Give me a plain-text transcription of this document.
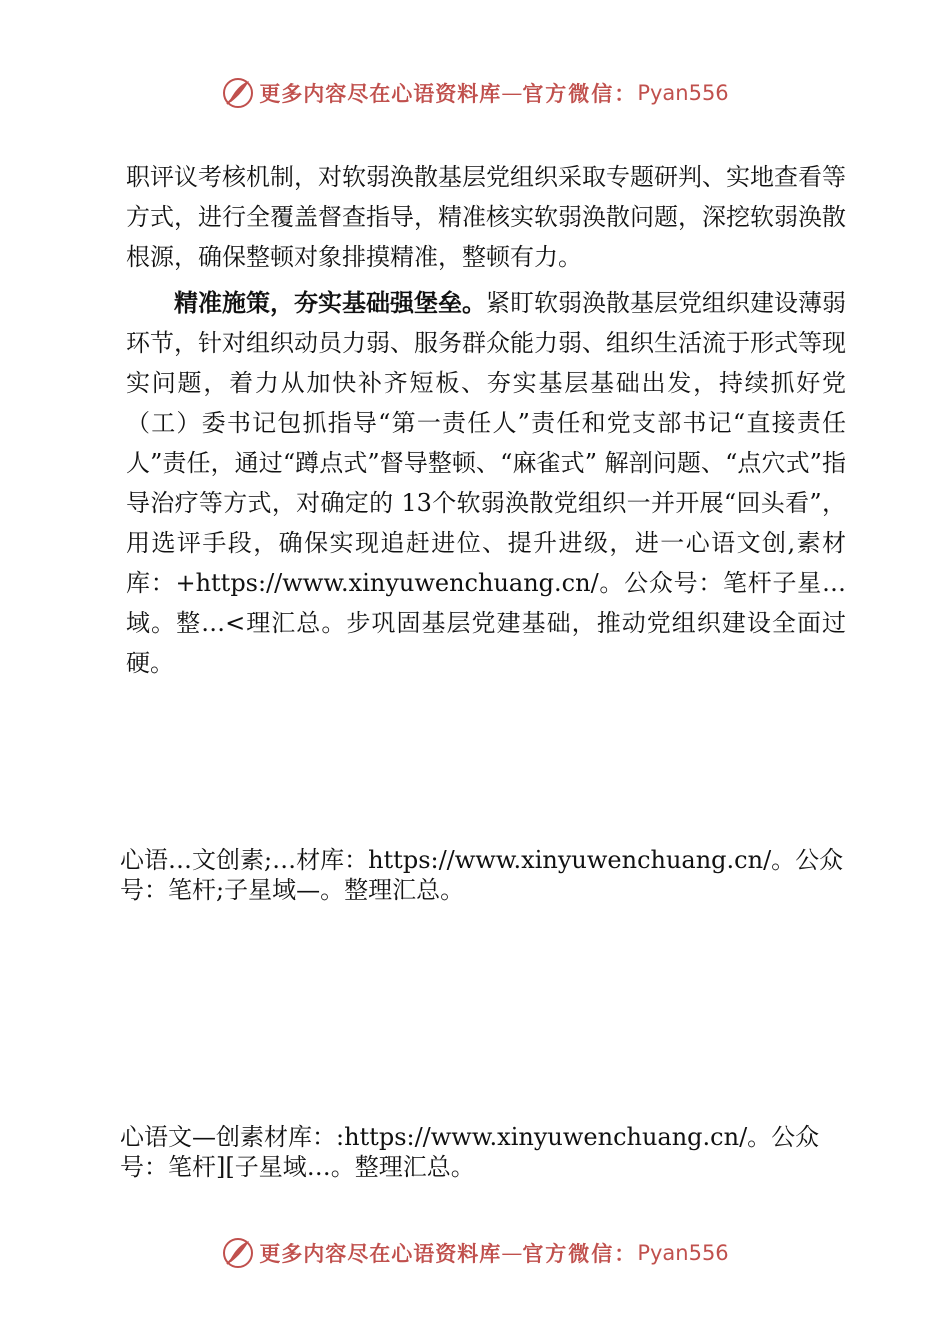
更多内容尽在心语资料库 — 官方微信： Pyan556
职评议考核机制，对软弱涣散基层党组织采取专题研判、实地查看等方式，进行全覆盖督查指导，精准核实软弱涣散问题，深挖软弱涣散根源，确保整顿对象排摸精准，整顿有力。
精准施策，夯实基础强堡垒。紧盯软弱涣散基层党组织建设薄弱环节，针对组织动员力弱、服务群众能力弱、组织生活流于形式等现实问题，着力从加快补齐短板、夯实基层基础出发，持续抓好党（工）委书记包抓指导“第一责任人”责任和党支部书记“直接责任人”责任，通过“蹲点式”督导整顿、“麻雀式” 解剖问题、“点穴式”指导治疗等方式，对确定的 13个软弱涣散党组织一并开展“回头看”，用选评手段，确保实现追赶进位、提升进级，进一心语文创,素材库：+https://www.xinyuwenchuang.cn/。公众号：笔杆子星…域。整…<理汇总。步巩固基层党建基础，推动党组织建设全面过硬。
心语…文创素;…材库：https://www.xinyuwenchuang.cn/。公众号：笔杆;子星域—。整理汇总。
心语文—创素材库：:https://www.xinyuwenchuang.cn/。公众号：笔杆][子星域…。整理汇总。
更多内容尽在心语资料库 — 官方微信： Pyan556
